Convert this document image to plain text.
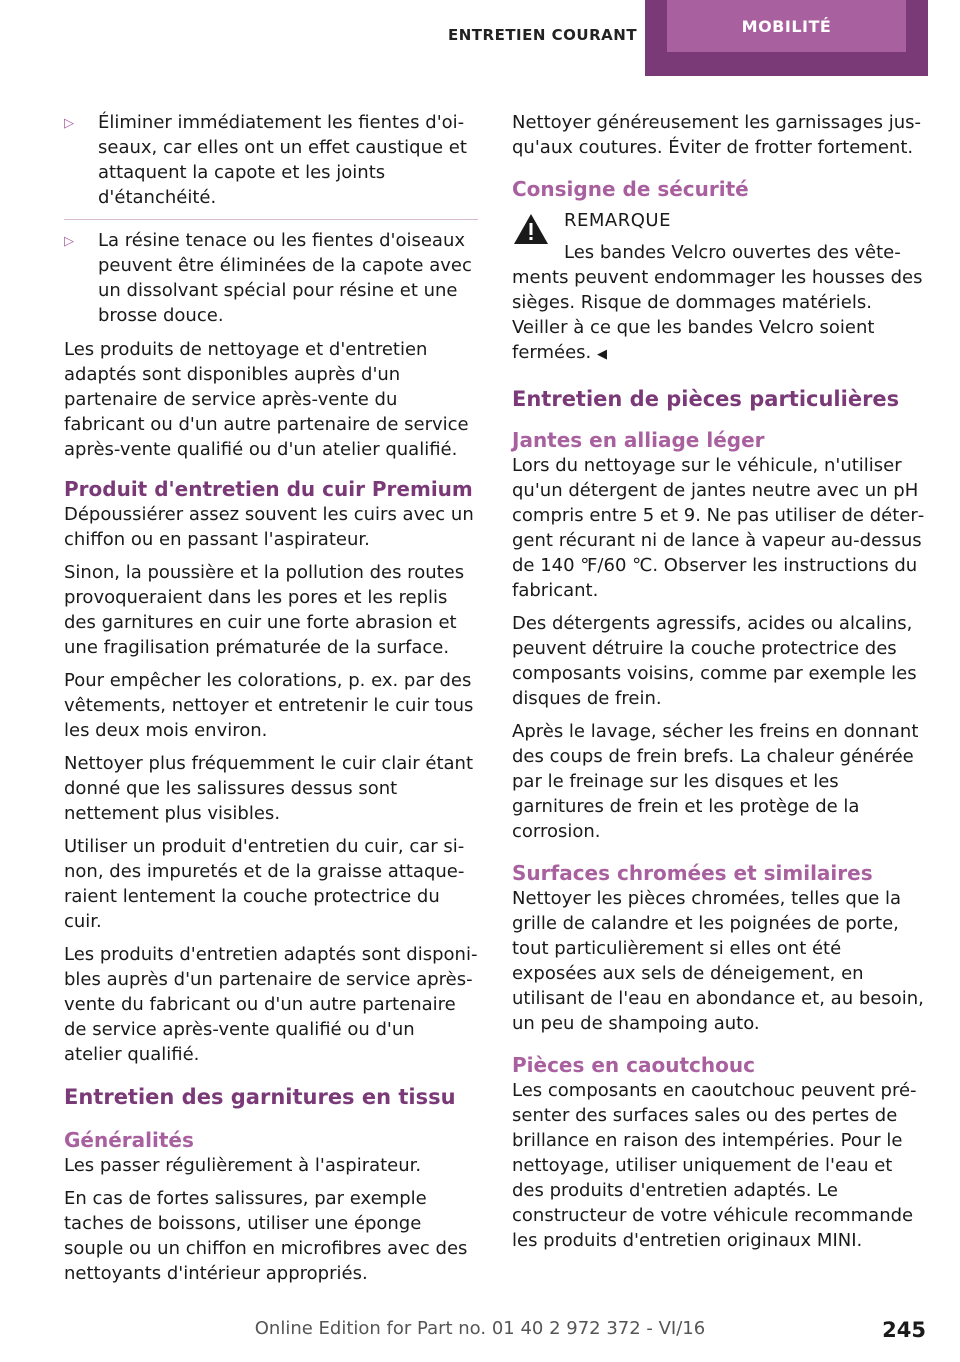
ENTRETIEN COURANT	MOBILITÉ
▷	Éliminer immédiatement les fientes d'oiseaux, car elles ont un effet caustique et attaquent la capote et les joints d'étanchéité.
▷	La résine tenace ou les fientes d'oiseaux peuvent être éliminées de la capote avec un dissolvant spécial pour résine et une brosse douce.

Les produits de nettoyage et d'entretien adaptés sont disponibles auprès d'un partenaire de service après-vente du fabricant ou d'un autre partenaire de service après-vente qualifié ou d'un atelier qualifié.

Produit d'entretien du cuir Premium

Dépoussiérer assez souvent les cuirs avec un chiffon ou en passant l'aspirateur.

Sinon, la poussière et la pollution des routes provoqueraient dans les pores et les replis des garnitures en cuir une forte abrasion et une fragilisation prématurée de la surface.

Pour empêcher les colorations, p. ex. par des vêtements, nettoyer et entretenir le cuir tous les deux mois environ.

Nettoyer plus fréquemment le cuir clair étant donné que les salissures dessus sont nettement plus visibles.

Utiliser un produit d'entretien du cuir, car sinon, des impuretés et de la graisse attaqueraient lentement la couche protectrice du cuir.

Les produits d'entretien adaptés sont disponibles auprès d'un partenaire de service après-vente du fabricant ou d'un autre partenaire de service après-vente qualifié ou d'un atelier qualifié.

Entretien des garnitures en tissu
Généralités

Les passer régulièrement à l'aspirateur.

En cas de fortes salissures, par exemple taches de boissons, utiliser une éponge souple ou un chiffon en microfibres avec des nettoyants d'intérieur appropriés.

Nettoyer généreusement les garnissages jusqu'aux coutures. Éviter de frotter fortement.

Consigne de sécurité
REMARQUE

Les bandes Velcro ouvertes des vêtements peuvent endommager les housses des sièges. Risque de dommages matériels. Veiller à ce que les bandes Velcro soient fermées. ◀

Entretien de pièces particulières
Jantes en alliage léger

Lors du nettoyage sur le véhicule, n'utiliser qu'un détergent de jantes neutre avec un pH compris entre 5 et 9. Ne pas utiliser de détergent récurant ni de lance à vapeur au-dessus de 140 ℉/60 ℃. Observer les instructions du fabricant.

Des détergents agressifs, acides ou alcalins, peuvent détruire la couche protectrice des composants voisins, comme par exemple les disques de frein.

Après le lavage, sécher les freins en donnant des coups de frein brefs. La chaleur générée par le freinage sur les disques et les garnitures de frein et les protège de la corrosion.

Surfaces chromées et similaires

Nettoyer les pièces chromées, telles que la grille de calandre et les poignées de porte, tout particulièrement si elles ont été exposées aux sels de déneigement, en utilisant de l'eau en abondance et, au besoin, un peu de shampoing auto.

Pièces en caoutchouc

Les composants en caoutchouc peuvent présenter des surfaces sales ou des pertes de brillance en raison des intempéries. Pour le nettoyage, utiliser uniquement de l'eau et des produits d'entretien adaptés. Le constructeur de votre véhicule recommande les produits d'entretien originaux MINI.

Online Edition for Part no. 01 40 2 972 372 - VI/16	245
